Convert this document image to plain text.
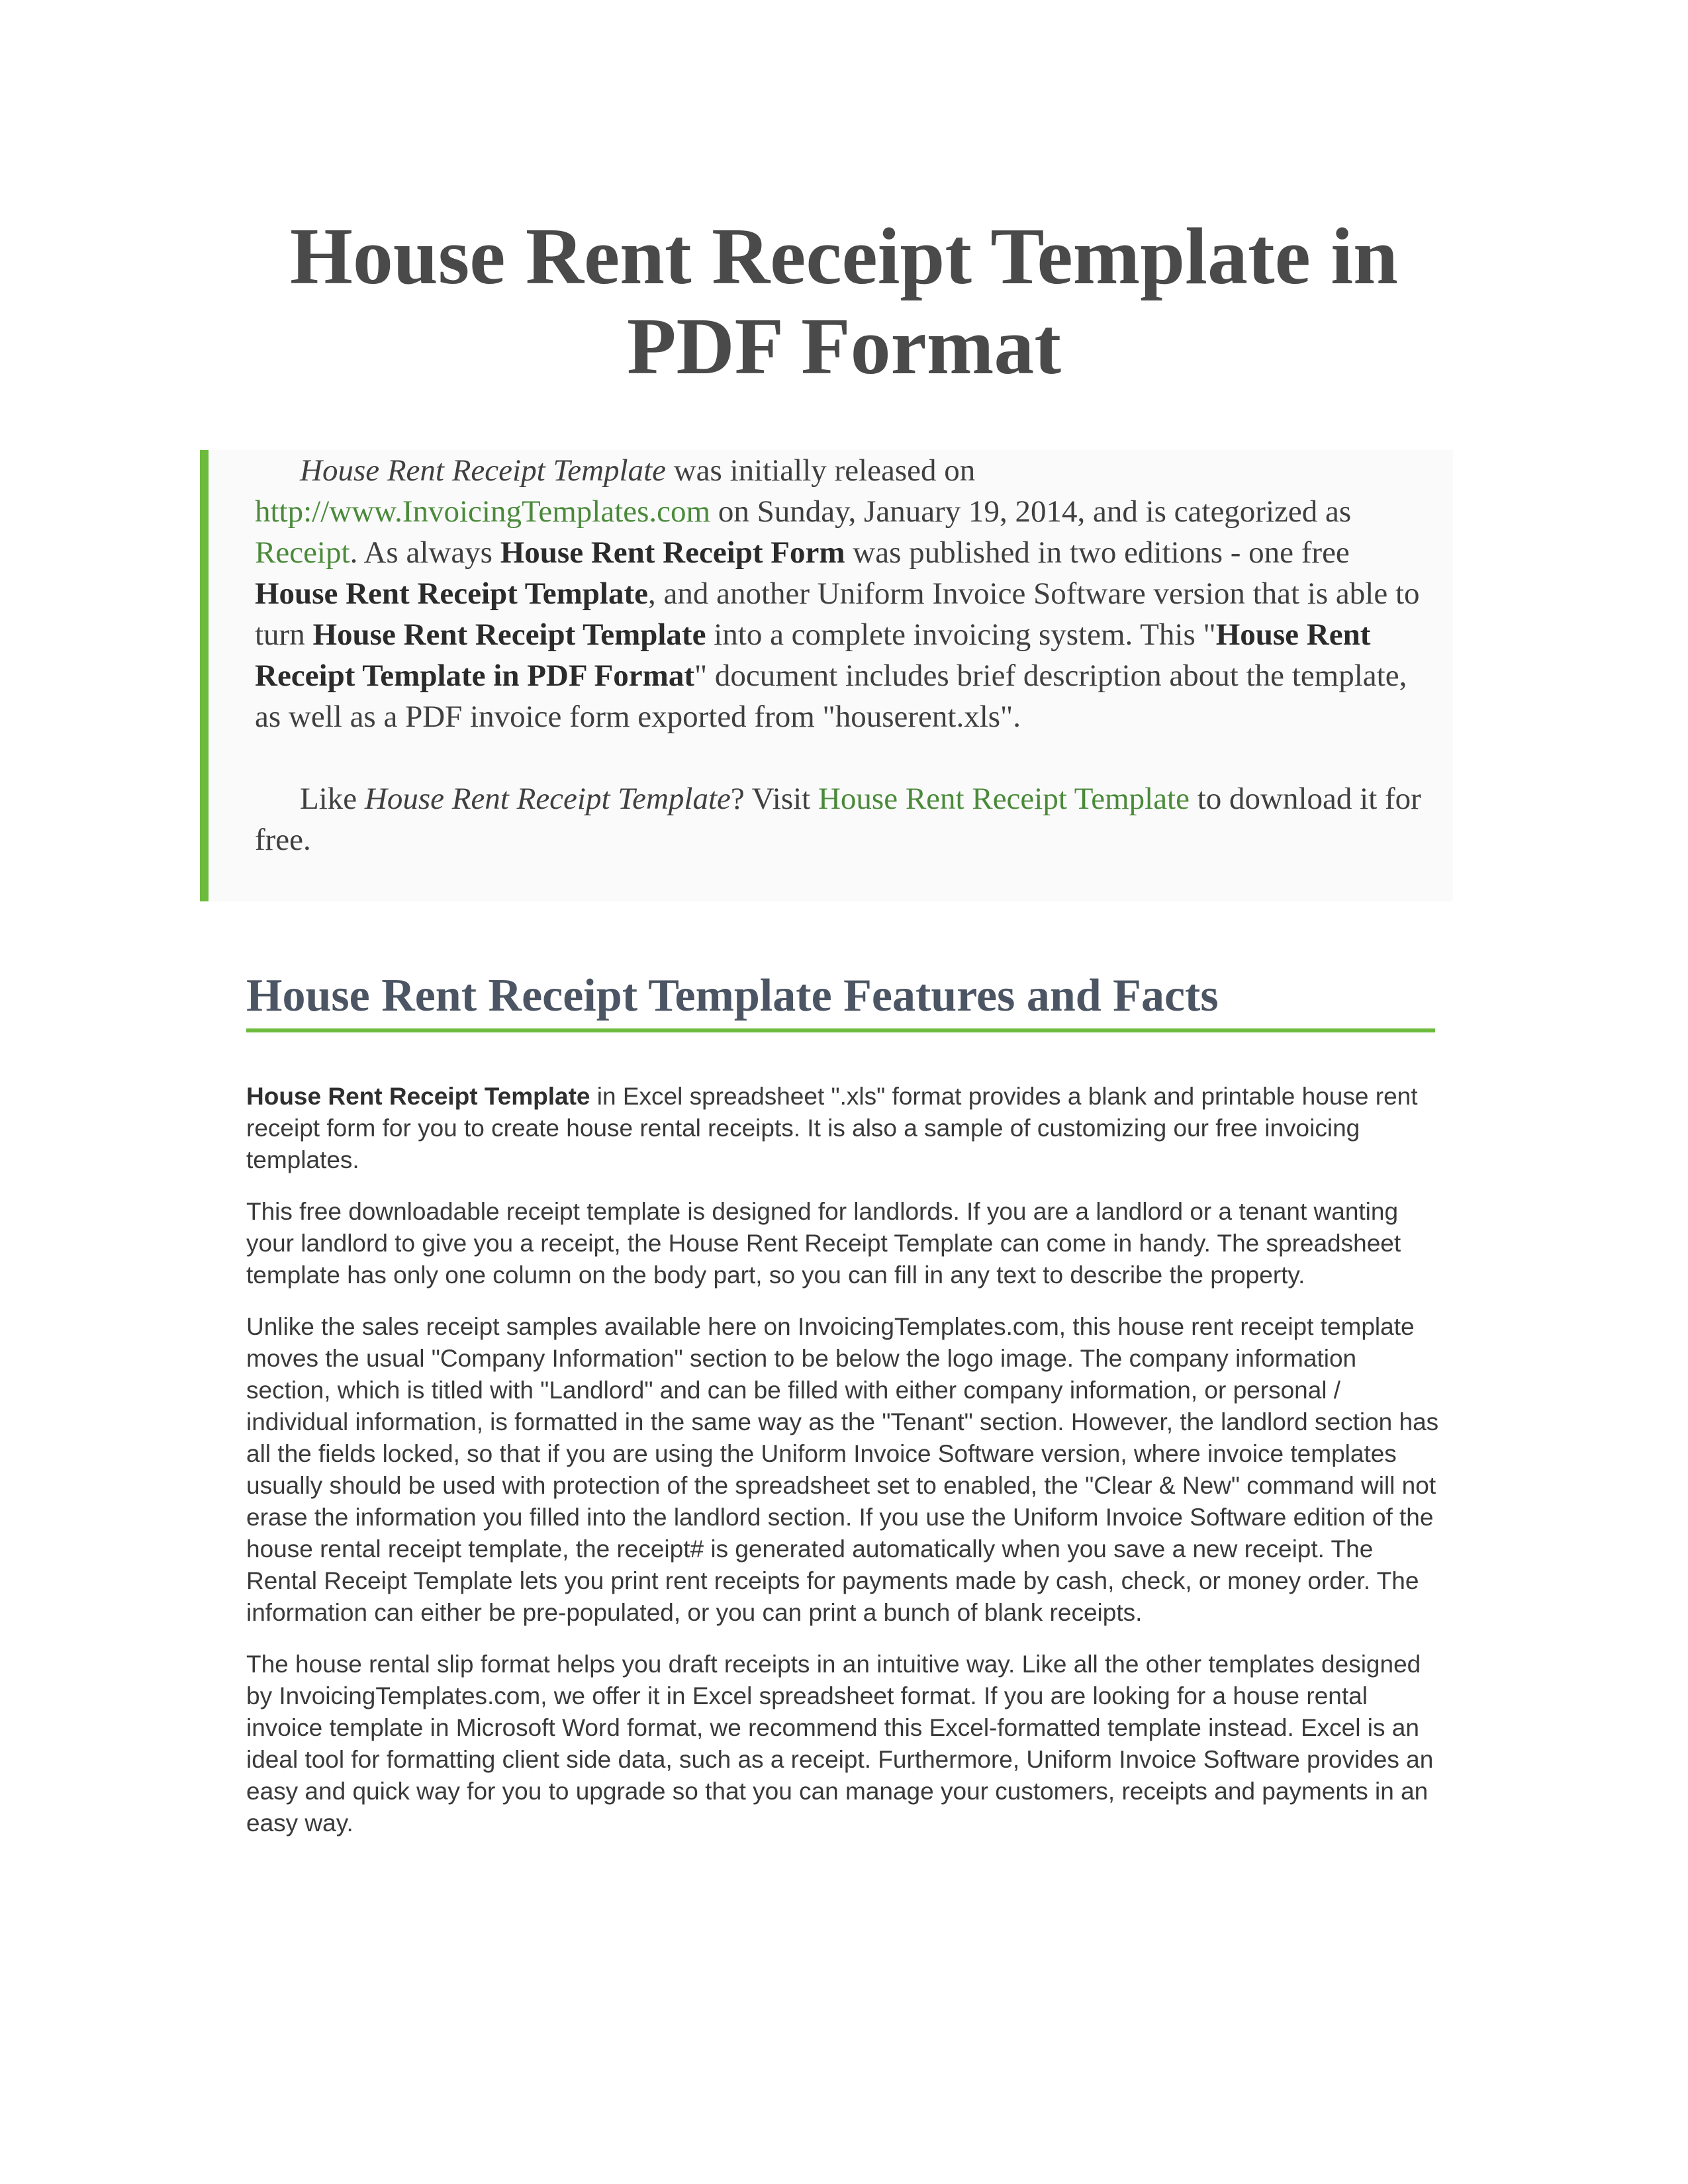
House Rent Receipt Template in
PDF Format

House Rent Receipt Template was initially released on http://www.InvoicingTemplates.com on Sunday, January 19, 2014, and is categorized as Receipt. As always House Rent Receipt Form was published in two editions - one free House Rent Receipt Template, and another Uniform Invoice Software version that is able to turn House Rent Receipt Template into a complete invoicing system. This "House Rent Receipt Template in PDF Format" document includes brief description about the template, as well as a PDF invoice form exported from "houserent.xls".

Like House Rent Receipt Template? Visit House Rent Receipt Template to download it for free.

House Rent Receipt Template Features and Facts

House Rent Receipt Template in Excel spreadsheet ".xls" format provides a blank and printable house rent receipt form for you to create house rental receipts. It is also a sample of customizing our free invoicing templates.

This free downloadable receipt template is designed for landlords. If you are a landlord or a tenant wanting your landlord to give you a receipt, the House Rent Receipt Template can come in handy. The spreadsheet template has only one column on the body part, so you can fill in any text to describe the property.

Unlike the sales receipt samples available here on InvoicingTemplates.com, this house rent receipt template moves the usual "Company Information" section to be below the logo image. The company information section, which is titled with "Landlord" and can be filled with either company information, or personal / individual information, is formatted in the same way as the "Tenant" section. However, the landlord section has all the fields locked, so that if you are using the Uniform Invoice Software version, where invoice templates usually should be used with protection of the spreadsheet set to enabled, the "Clear & New" command will not erase the information you filled into the landlord section. If you use the Uniform Invoice Software edition of the house rental receipt template, the receipt# is generated automatically when you save a new receipt. The Rental Receipt Template lets you print rent receipts for payments made by cash, check, or money order. The information can either be pre-populated, or you can print a bunch of blank receipts.

The house rental slip format helps you draft receipts in an intuitive way. Like all the other templates designed by InvoicingTemplates.com, we offer it in Excel spreadsheet format. If you are looking for a house rental invoice template in Microsoft Word format, we recommend this Excel-formatted template instead. Excel is an ideal tool for formatting client side data, such as a receipt. Furthermore, Uniform Invoice Software provides an easy and quick way for you to upgrade so that you can manage your customers, receipts and payments in an easy way.
